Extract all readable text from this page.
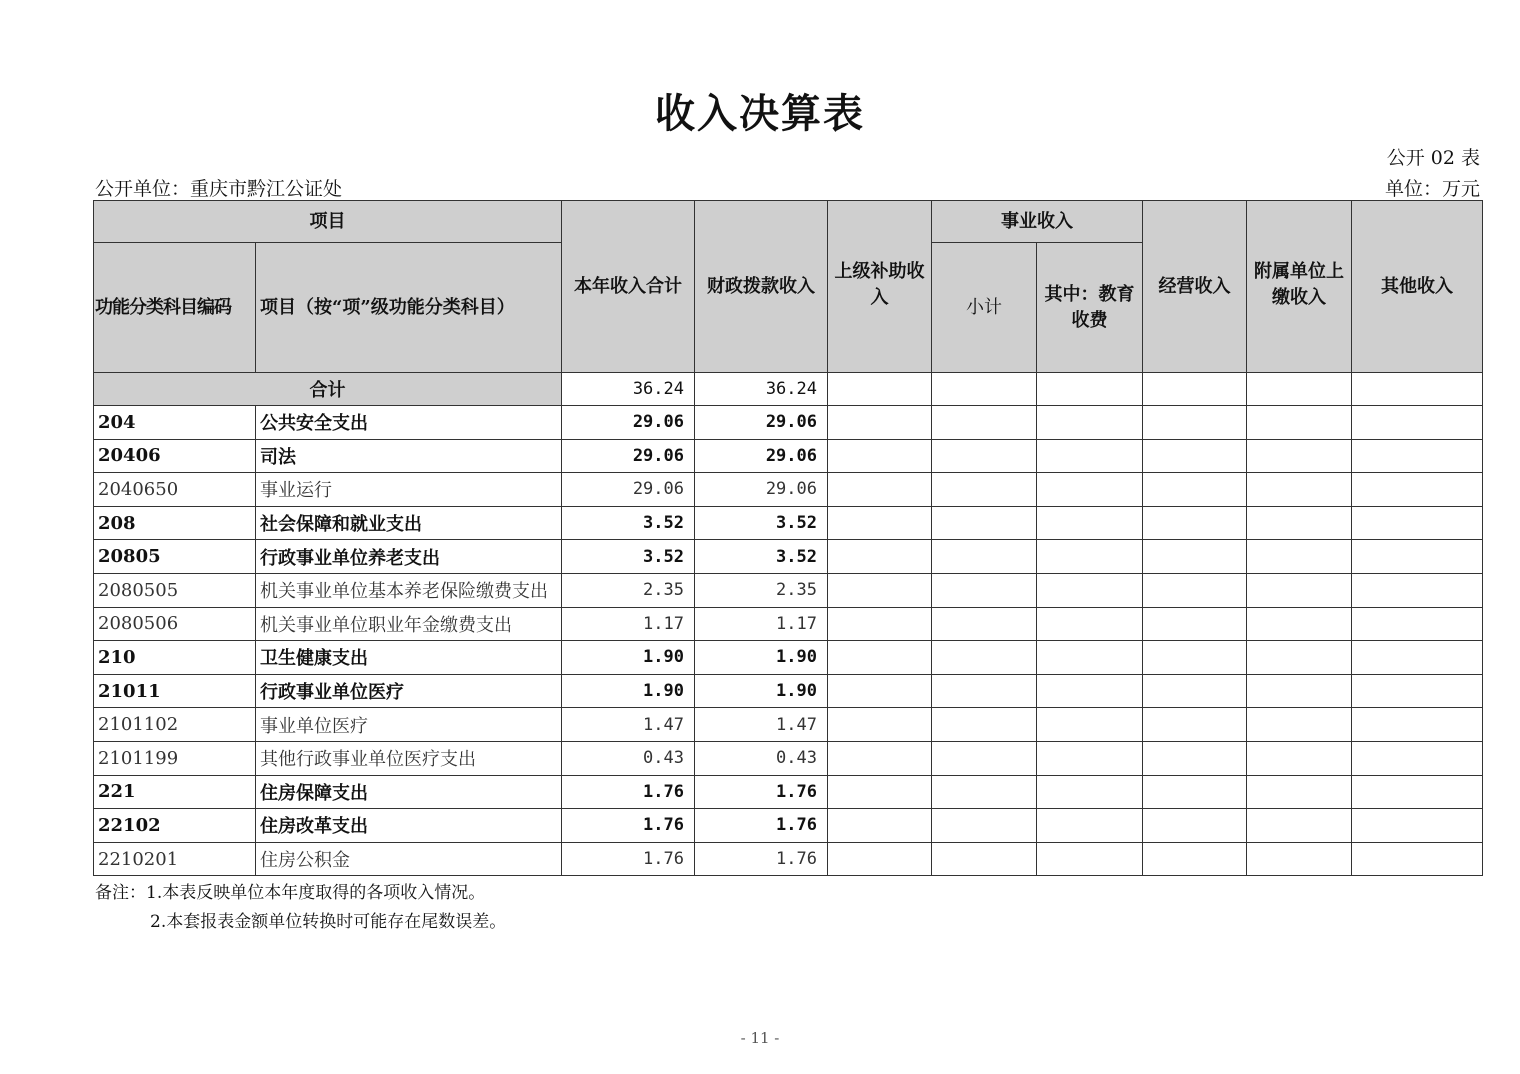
收入决算表
公开 02 表
公开单位：重庆市黔江公证处	单位：万元
项目		本年收入合计	财政拨款收入	上级补助收入	事业收入		经营收入	附属单位上缴收入	其他收入
功能分类科目编码	项目（按“项”级功能分类科目）				小计	其中：教育收费			
合计		36.24	36.24						
204	公共安全支出	29.06	29.06						
20406	司法	29.06	29.06						
2040650	事业运行	29.06	29.06						
208	社会保障和就业支出	3.52	3.52						
20805	行政事业单位养老支出	3.52	3.52						
2080505	机关事业单位基本养老保险缴费支出	2.35	2.35						
2080506	机关事业单位职业年金缴费支出	1.17	1.17						
210	卫生健康支出	1.90	1.90						
21011	行政事业单位医疗	1.90	1.90						
2101102	事业单位医疗	1.47	1.47						
2101199	其他行政事业单位医疗支出	0.43	0.43						
221	住房保障支出	1.76	1.76						
22102	住房改革支出	1.76	1.76						
2210201	住房公积金	1.76	1.76						
备注：1.本表反映单位本年度取得的各项收入情况。
2.本套报表金额单位转换时可能存在尾数误差。
- 11 -
